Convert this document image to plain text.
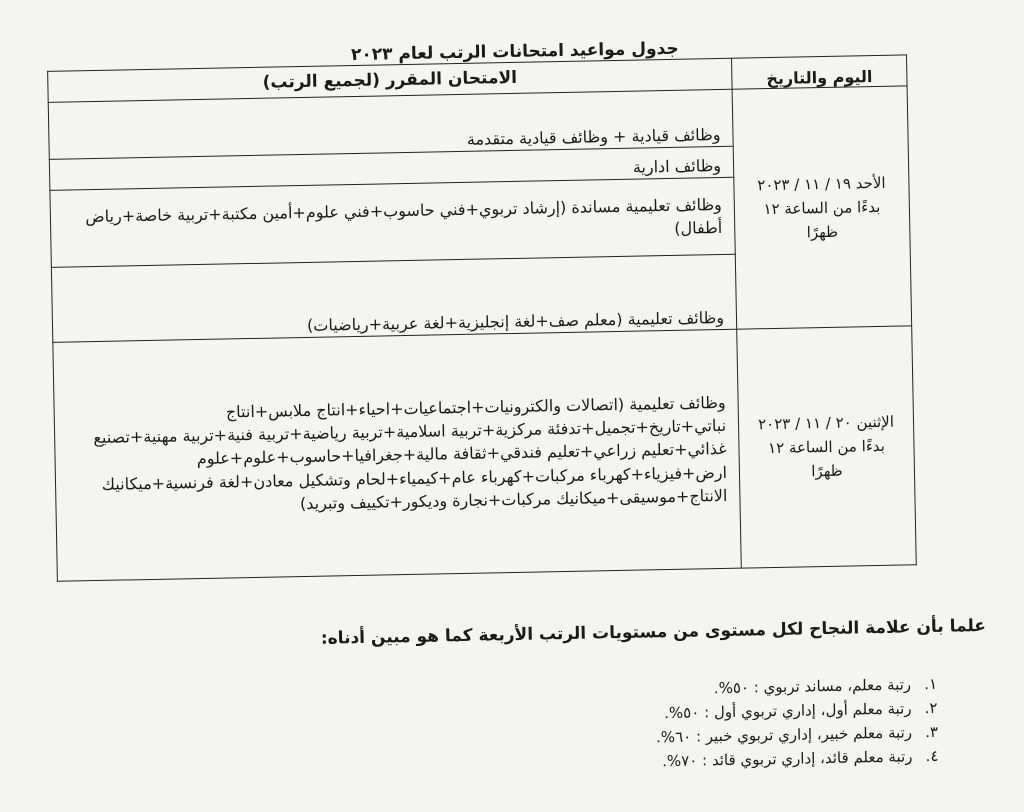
جدول مواعيد امتحانات الرتب لعام ٢٠٢٣
اليوم والتاريخ	الامتحان المقرر (لجميع الرتب)

الأحد ١٩ / ١١ / ٢٠٢٣
بدءًا من الساعة ١٢ ظهرًا	وظائف قيادية + وظائف قيادية متقدمة
	وظائف ادارية
	وظائف تعليمية مساندة (إرشاد تربوي+فني حاسوب+فني علوم+أمين مكتبة+تربية خاصة+رياض أطفال)
	وظائف تعليمية (معلم صف+لغة إنجليزية+لغة عربية+رياضيات)

الإثنين ٢٠ / ١١ / ٢٠٢٣
بدءًا من الساعة ١٢ ظهرًا	وظائف تعليمية (اتصالات والكترونيات+اجتماعيات+احياء+انتاج ملابس+انتاج نباتي+تاريخ+تجميل+تدفئة مركزية+تربية اسلامية+تربية رياضية+تربية فنية+تربية مهنية+تصنيع غذائي+تعليم زراعي+تعليم فندقي+ثقافة مالية+جغرافيا+حاسوب+علوم+علوم ارض+فيزياء+كهرباء مركبات+كهرباء عام+كيمياء+لحام وتشكيل معادن+لغة فرنسية+ميكانيك الانتاج+موسيقى+ميكانيك مركبات+نجارة وديكور+تكييف وتبريد)
علما بأن علامة النجاح لكل مستوى من مستويات الرتب الأربعة كما هو مبين أدناه:
١.رتبة معلم، مساند تربوي : ٥٠%.
٢.رتبة معلم أول، إداري تربوي أول : ٥٠%.
٣.رتبة معلم خبير، إداري تربوي خبير : ٦٠%.
٤.رتبة معلم قائد، إداري تربوي قائد : ٧٠%.
